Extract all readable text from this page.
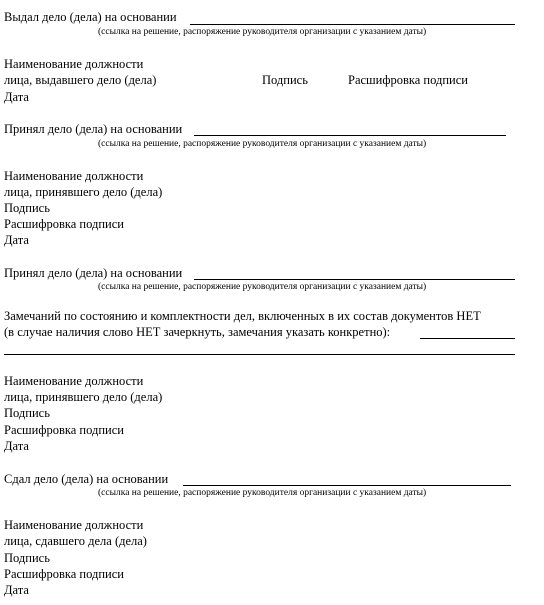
Выдал дело (дела) на основании
(ссылка на решение, распоряжение руководителя организации с указанием даты)
Наименование должности
лица, выдавшего дело (дела)	Подпись	Расшифровка подписи
Дата
Принял дело (дела) на основании
(ссылка на решение, распоряжение руководителя организации с указанием даты)
Наименование должности
лица, принявшего дело (дела)
Подпись
Расшифровка подписи
Дата
Принял дело (дела) на основании
(ссылка на решение, распоряжение руководителя организации с указанием даты)
Замечаний по состоянию и комплектности дел, включенных в их состав документов НЕТ
(в случае наличия слово НЕТ зачеркнуть, замечания указать конкретно):
Наименование должности
лица, принявшего дело (дела)
Подпись
Расшифровка подписи
Дата
Сдал дело (дела) на основании
(ссылка на решение, распоряжение руководителя организации с указанием даты)
Наименование должности
лица, сдавшего дела (дела)
Подпись
Расшифровка подписи
Дата
